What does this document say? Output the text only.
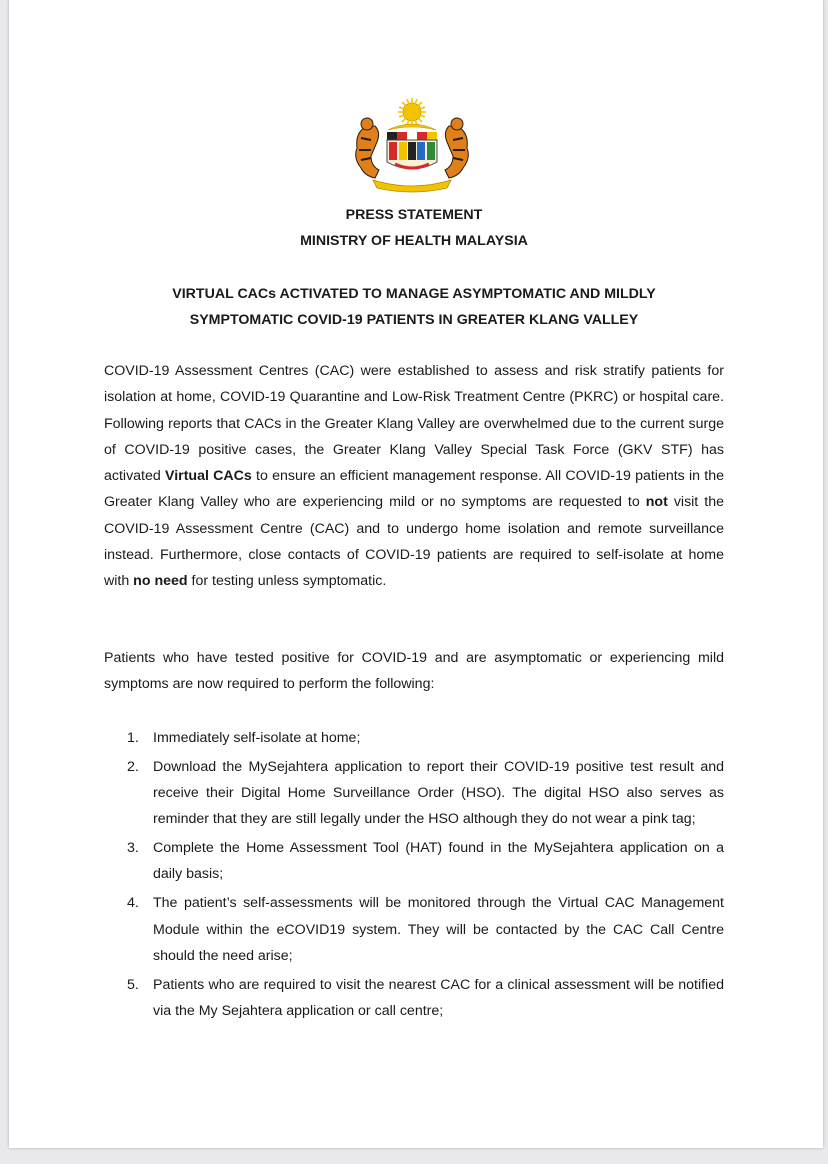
PRESS STATEMENT
MINISTRY OF HEALTH MALAYSIA
VIRTUAL CACs ACTIVATED TO MANAGE ASYMPTOMATIC AND MILDLY
SYMPTOMATIC COVID-19 PATIENTS IN GREATER KLANG VALLEY
COVID-19 Assessment Centres (CAC) were established to assess and risk stratify patients for isolation at home, COVID-19 Quarantine and Low-Risk Treatment Centre (PKRC) or hospital care. Following reports that CACs in the Greater Klang Valley are overwhelmed due to the current surge of COVID-19 positive cases, the Greater Klang Valley Special Task Force (GKV STF) has activated Virtual CACs to ensure an efficient management response. All COVID-19 patients in the Greater Klang Valley who are experiencing mild or no symptoms are requested to not visit the COVID-19 Assessment Centre (CAC) and to undergo home isolation and remote surveillance instead. Furthermore, close contacts of COVID-19 patients are required to self-isolate at home with no need for testing unless symptomatic.
Patients who have tested positive for COVID-19 and are asymptomatic or experiencing mild symptoms are now required to perform the following:
1. Immediately self-isolate at home;
2. Download the MySejahtera application to report their COVID-19 positive test result and receive their Digital Home Surveillance Order (HSO). The digital HSO also serves as reminder that they are still legally under the HSO although they do not wear a pink tag;
3. Complete the Home Assessment Tool (HAT) found in the MySejahtera application on a daily basis;
4. The patient’s self-assessments will be monitored through the Virtual CAC Management Module within the eCOVID19 system. They will be contacted by the CAC Call Centre should the need arise;
5. Patients who are required to visit the nearest CAC for a clinical assessment will be notified via the My Sejahtera application or call centre;
